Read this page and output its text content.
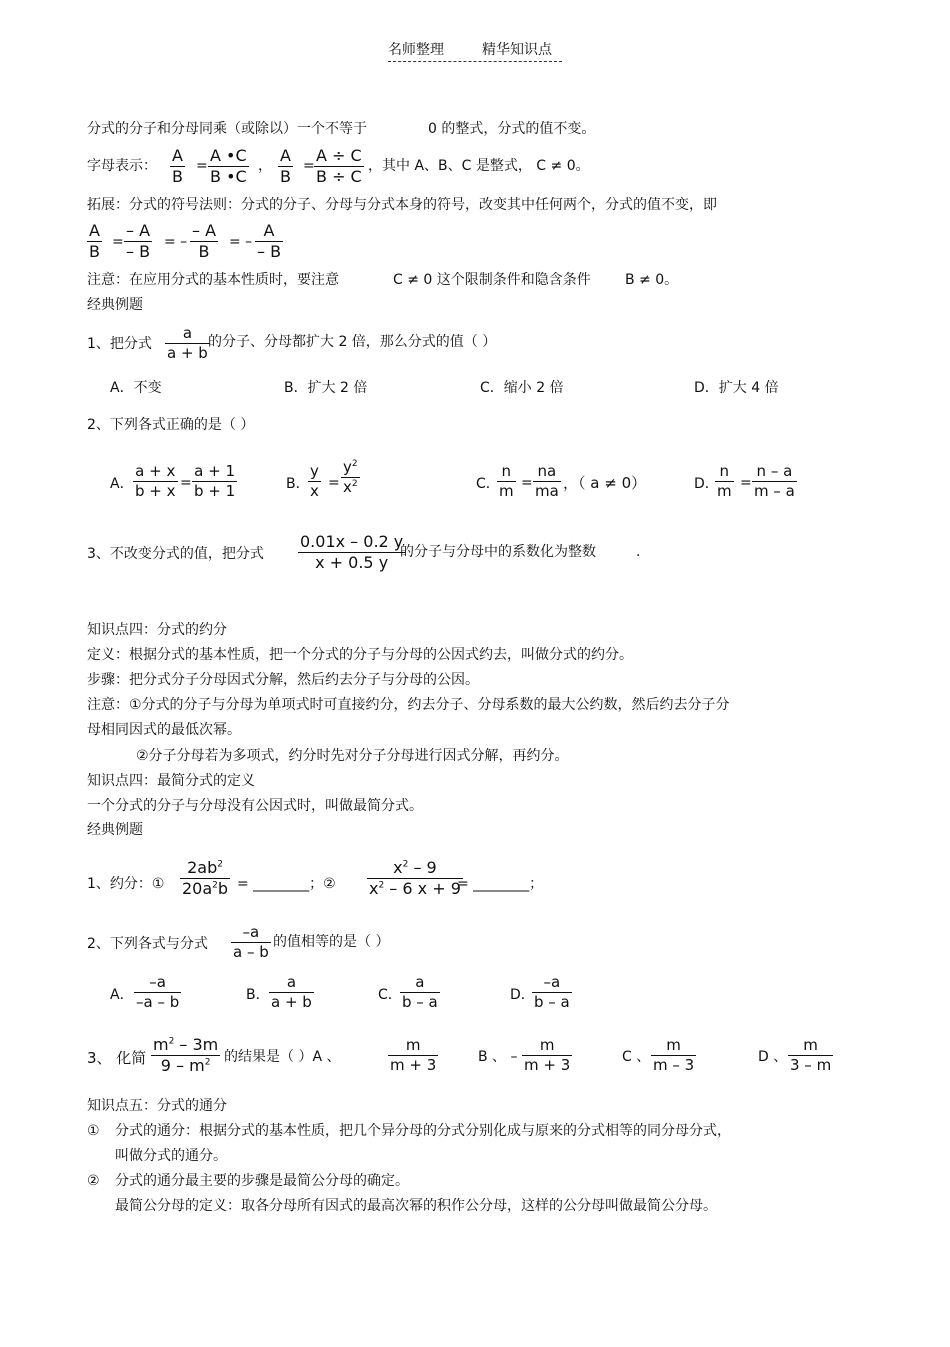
名师整理	精华知识点
分式的分子和分母同乘（或除以）一个不等于	0 的整式，分式的值不变。
字母表示：
A
B
=
A •C
B •C
，
A
B
=
A ÷ C
B ÷ C
，其中 A、B、C 是整式， C ≠ 0。
拓展：分式的符号法则：分式的分子、分母与分式本身的符号，改变其中任何两个，分式的值不变，即
A
B =
– A
– B = –
– A
B = –
A
– B
注意：在应用分式的基本性质时，要注意	C ≠ 0 这个限制条件和隐含条件 B ≠ 0。
经典例题
1、把分式
a
a + b
的分子、分母都扩大 2 倍，那么分式的值（ ）
A．不变	B．扩大 2 倍	C．缩小 2 倍	D．扩大 4 倍
2、下列各式正确的是（ ）
A．
a + x
b + x =
a + 1
b + 1	B．
y
x =
$y^2$
$x^2$	C．
n
m =
na
ma ，（ a ≠ 0）	D．
n
m =
n – a
m – a
3、不改变分式的值，把分式
0.01x – 0.2 y
x + 0.5 y
的分子与分母中的系数化为整数	.
知识点四：分式的约分
定义：根据分式的基本性质，把一个分式的分子与分母的公因式约去，叫做分式的约分。
步骤：把分式分子分母因式分解，然后约去分子与分母的公因。
注意：①分式的分子与分母为单项式时可直接约分，约去分子、分母系数的最大公约数，然后约去分子分
母相同因式的最低次幂。
②分子分母若为多项式，约分时先对分子分母进行因式分解，再约分。
知识点四：最简分式的定义
一个分式的分子与分母没有公因式时，叫做最简分式。
经典例题
1、约分：①
$2ab^2$
$20a^2b$ = ________；②
$x^2 - 9$
$x^2 - 6$ x + 9
= ________；
2、下列各式与分式
–a
a – b
的值相等的是（ ）
A．
–a
–a – b	B．
a
a + b	C．
a
b – a	D．
–a
b – a
3、 化简
$m^2 - 3m$
$9 - m^2$ 的结果是（ ）A 、
m
m + 3	B 、 –
m
m + 3	C 、
m
m – 3	D 、
m
3 – m
知识点五：分式的通分
① 分式的通分：根据分式的基本性质，把几个异分母的分式分别化成与原来的分式相等的同分母分式，
叫做分式的通分。
② 分式的通分最主要的步骤是最简公分母的确定。
最简公分母的定义：取各分母所有因式的最高次幂的积作公分母，这样的公分母叫做最简公分母。
